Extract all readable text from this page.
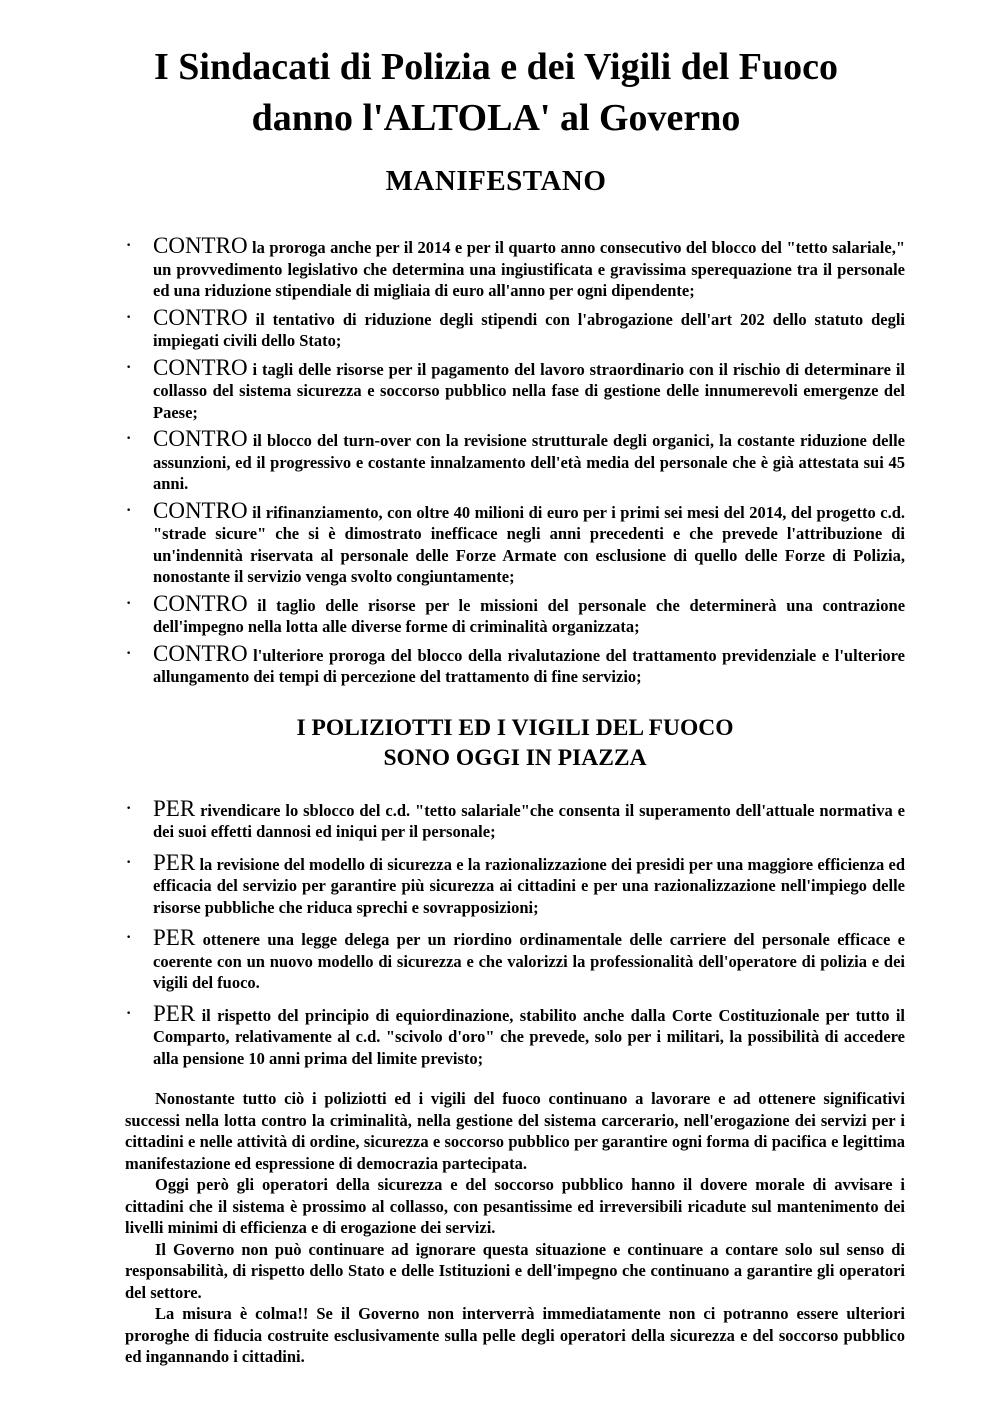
I Sindacati di Polizia e dei Vigili del Fuoco
danno l'ALTOLA' al Governo
MANIFESTANO
·
CONTRO la proroga anche per il 2014 e per il quarto anno consecutivo del blocco del "tetto salariale," un provvedimento legislativo che determina una ingiustificata e gravissima sperequazione tra il personale ed una riduzione stipendiale di migliaia di euro all'anno per ogni dipendente;
·
CONTRO il tentativo di riduzione degli stipendi con l'abrogazione dell'art 202 dello statuto degli impiegati civili dello Stato;
·
CONTRO i tagli delle risorse per il pagamento del lavoro straordinario con il rischio di determinare il collasso del sistema sicurezza e soccorso pubblico nella fase di gestione delle innumerevoli emergenze del Paese;
·
CONTRO il blocco del turn-over con la revisione strutturale degli organici, la costante riduzione delle assunzioni, ed il progressivo e costante innalzamento dell'età media del personale che è già attestata sui 45 anni.
·
CONTRO il rifinanziamento, con oltre 40 milioni di euro per i primi sei mesi del 2014, del progetto c.d. "strade sicure" che si è dimostrato inefficace negli anni precedenti e che prevede l'attribuzione di un'indennità riservata al personale delle Forze Armate con esclusione di quello delle Forze di Polizia, nonostante il servizio venga svolto congiuntamente;
·
CONTRO il taglio delle risorse per le missioni del personale che determinerà una contrazione dell'impegno nella lotta alle diverse forme di criminalità organizzata;
·
CONTRO l'ulteriore proroga del blocco della rivalutazione del trattamento previdenziale e l'ulteriore allungamento dei tempi di percezione del trattamento di fine servizio;
I POLIZIOTTI ED I VIGILI DEL FUOCO
SONO OGGI IN PIAZZA
·
PER rivendicare lo sblocco del c.d. "tetto salariale"che consenta il superamento dell'attuale normativa e dei suoi effetti dannosi ed iniqui per il personale;
·
PER la revisione del modello di sicurezza e la razionalizzazione dei presidi per una maggiore efficienza ed efficacia del servizio per garantire più sicurezza ai cittadini e per una razionalizzazione nell'impiego delle risorse pubbliche che riduca sprechi e sovrapposizioni;
·
PER ottenere una legge delega per un riordino ordinamentale delle carriere del personale efficace e coerente con un nuovo modello di sicurezza e che valorizzi la professionalità dell'operatore di polizia e dei vigili del fuoco.
·
PER il rispetto del principio di equiordinazione, stabilito anche dalla Corte Costituzionale per tutto il Comparto, relativamente al c.d. "scivolo d'oro" che prevede, solo per i militari, la possibilità di accedere alla pensione 10 anni prima del limite previsto;

Nonostante tutto ciò i poliziotti ed i vigili del fuoco continuano a lavorare e ad ottenere significativi successi nella lotta contro la criminalità, nella gestione del sistema carcerario, nell'erogazione dei servizi per i cittadini e nelle attività di ordine, sicurezza e soccorso pubblico per garantire ogni forma di pacifica e legittima manifestazione ed espressione di democrazia partecipata.

Oggi però gli operatori della sicurezza e del soccorso pubblico hanno il dovere morale di avvisare i cittadini che il sistema è prossimo al collasso, con pesantissime ed irreversibili ricadute sul mantenimento dei livelli minimi di efficienza e di erogazione dei servizi.

Il Governo non può continuare ad ignorare questa situazione e continuare a contare solo sul senso di responsabilità, di rispetto dello Stato e delle Istituzioni e dell'impegno che continuano a garantire gli operatori del settore.

La misura è colma!! Se il Governo non interverrà immediatamente non ci potranno essere ulteriori proroghe di fiducia costruite esclusivamente sulla pelle degli operatori della sicurezza e del soccorso pubblico ed ingannando i cittadini.
